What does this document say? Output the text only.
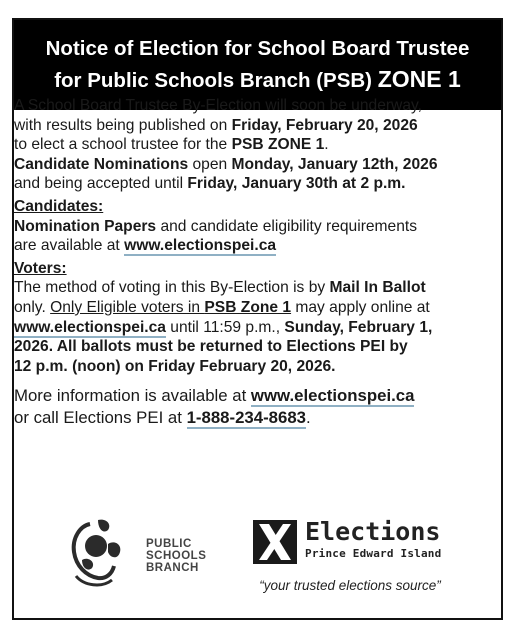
Notice of Election for School Board Trustee
for Public Schools Branch (PSB) ZONE 1

A School Board Trustee By-Election will soon be underway,

with results being published on Friday, February 20, 2026

to elect a school trustee for the PSB ZONE 1.

Candidate Nominations open Monday, January 12th, 2026

and being accepted until Friday, January 30th at 2 p.m.

Candidates:

Nomination Papers and candidate eligibility requirements

are available at www.electionspei.ca

Voters:

The method of voting in this By-Election is by Mail In Ballot

only. Only Eligible voters in PSB Zone 1 may apply online at

www.electionspei.ca until 11:59 p.m., Sunday, February 1,

2026. All ballots must be returned to Elections PEI by

12 p.m. (noon) on Friday February 20, 2026.

More information is available at www.electionspei.ca

or call Elections PEI at 1-888-234-8683.

PUBLIC
SCHOOLS
BRANCH
Elections
Prince Edward Island
“your trusted elections source”
